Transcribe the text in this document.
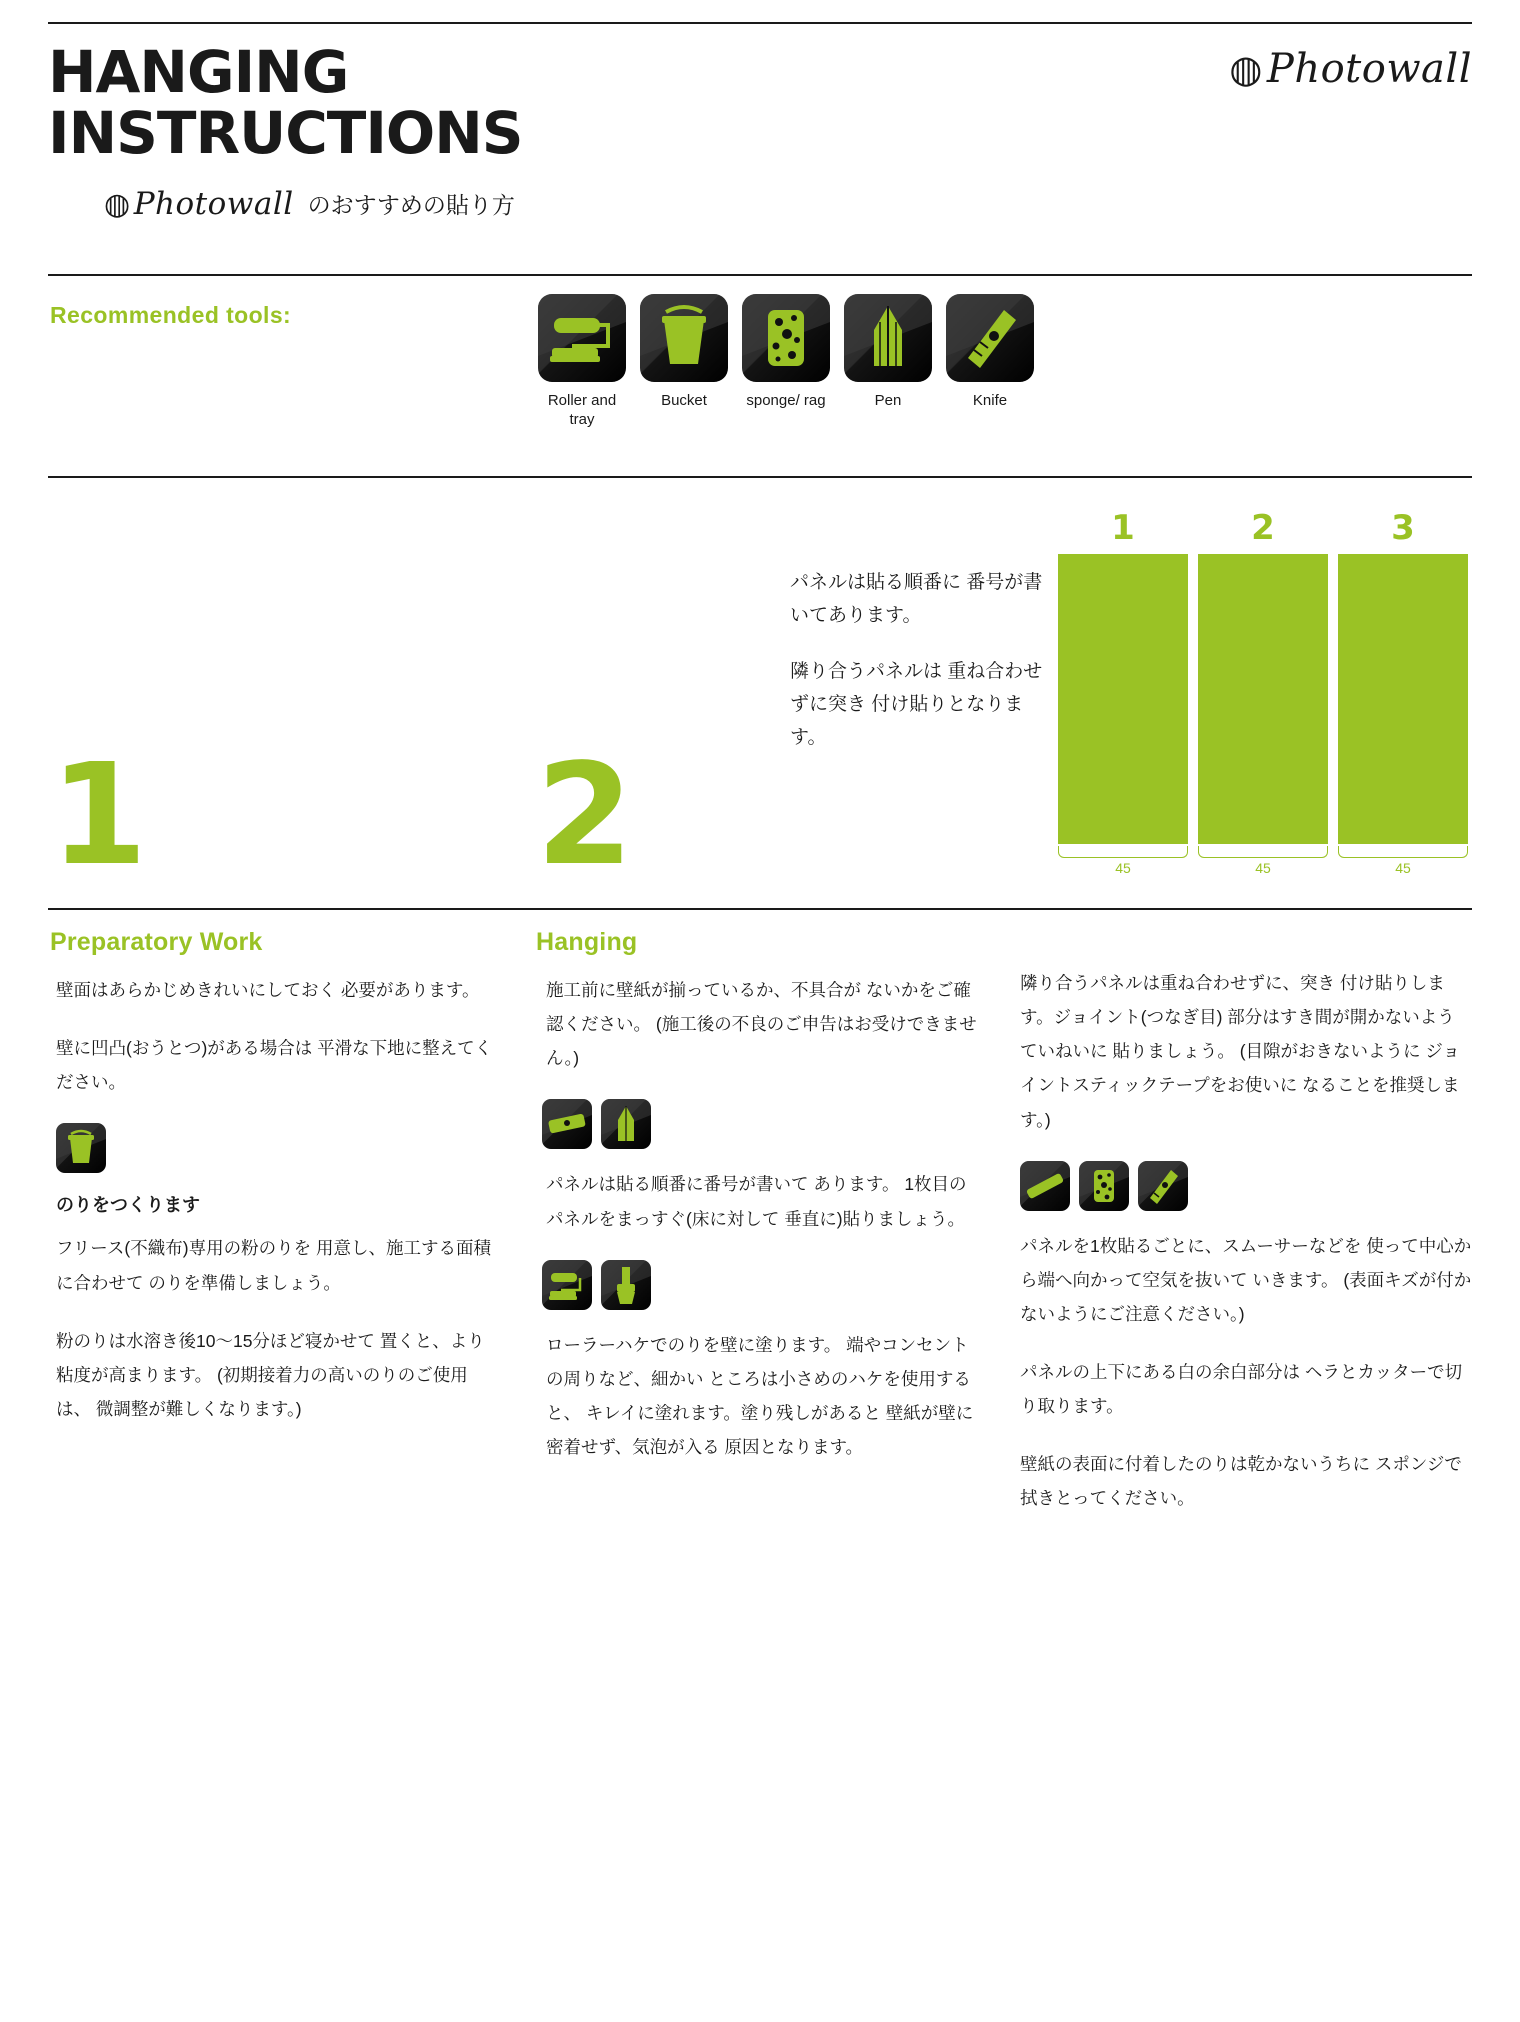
HANGING
INSTRUCTIONS
◍Photowall のおすすめの貼り方
◍ Photowall
Recommended tools:
Roller and tray
Bucket	sponge/ rag	Pen	Knife
1	2

パネルは貼る順番に 番号が書いてあります。

隣り合うパネルは 重ね合わせずに突き 付け貼りとなります。

1	2	3
45	45	45
Preparatory Work

壁面はあらかじめきれいにしておく 必要があります。

壁に凹凸(おうとつ)がある場合は 平滑な下地に整えてください。

のりをつくります

フリース(不織布)専用の粉のりを 用意し、施工する面積に合わせて のりを準備しましょう。

粉のりは水溶き後10〜15分ほど寝かせて 置くと、より粘度が高まります。 (初期接着力の高いのりのご使用は、 微調整が難しくなります。)

Hanging

施工前に壁紙が揃っているか、不具合が ないかをご確認ください。 (施工後の不良のご申告はお受けできません。)

パネルは貼る順番に番号が書いて あります。 1枚目のパネルをまっすぐ(床に対して 垂直に)貼りましょう。

ローラーハケでのりを壁に塗ります。 端やコンセントの周りなど、細かい ところは小さめのハケを使用すると、 キレイに塗れます。塗り残しがあると 壁紙が壁に密着せず、気泡が入る 原因となります。

隣り合うパネルは重ね合わせずに、突き 付け貼りします。ジョイント(つなぎ目) 部分はすき間が開かないようていねいに 貼りましょう。 (目隙がおきないように ジョイントスティックテープをお使いに なることを推奨します。)

パネルを1枚貼るごとに、スムーサーなどを 使って中心から端へ向かって空気を抜いて いきます。 (表面キズが付かないようにご注意ください。)

パネルの上下にある白の余白部分は ヘラとカッターで切り取ります。

壁紙の表面に付着したのりは乾かないうちに スポンジで拭きとってください。
